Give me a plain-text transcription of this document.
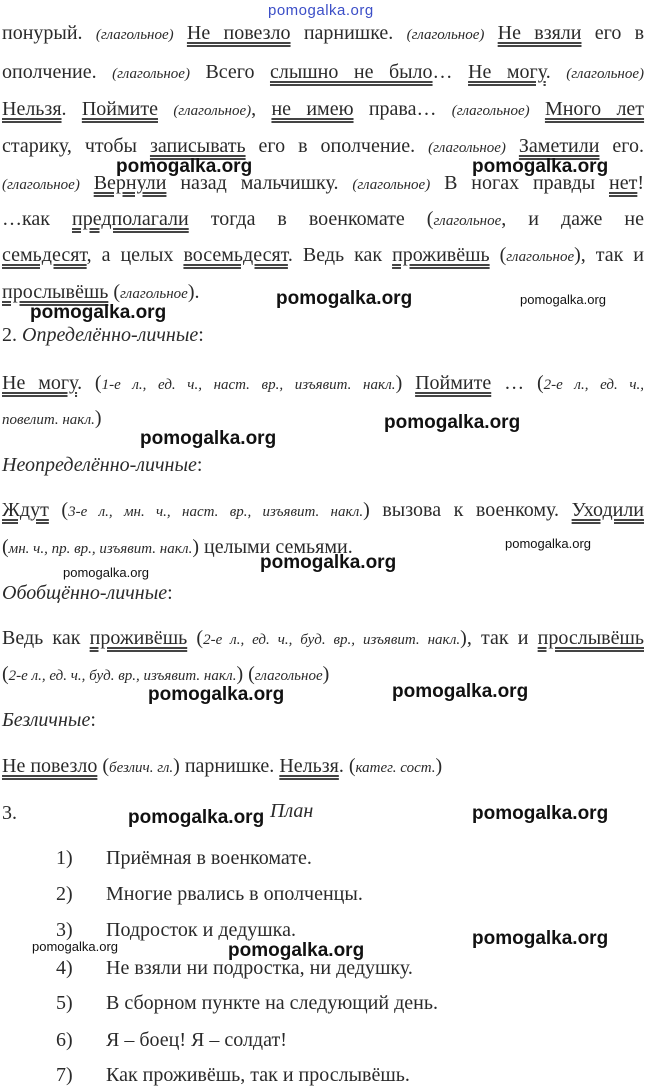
pomogalka.org
понурый. (глагольное) Не повезло парнишке. (глагольное) Не взяли его в
ополчение. (глагольное) Всего слышно не было… Не могу. (глагольное)
Нельзя. Поймите (глагольное), не имею права… (глагольное) Много лет
старику, чтобы записывать его в ополчение. (глагольное) Заметили его.
pomogalka.org	pomogalka.org
(глагольное) Вернули назад мальчишку. (глагольное) В ногах правды нет!
…как предполагали тогда в военкомате (глагольное, и даже не
семьдесят, а целых восемьдесят. Ведь как проживёшь (глагольное), так и
прослывёшь (глагольное).	pomogalka.org	pomogalka.org
pomogalka.org
2. Определённо-личные:
Не могу. (1-е л., ед. ч., наст. вр., изъявит. накл.) Поймите … (2-е л., ед. ч.,
повелит. накл.)	pomogalka.org
pomogalka.org
Неопределённо-личные:
Ждут (3-е л., мн. ч., наст. вр., изъявит. накл.) вызова к военкому. Уходили
(мн. ч., пр. вр., изъявит. накл.) целыми семьями.	pomogalka.org
pomogalka.org
pomogalka.org
Обобщённо-личные:
Ведь как проживёшь (2-е л., ед. ч., буд. вр., изъявит. накл.), так и прослывёшь
(2-е л., ед. ч., буд. вр., изъявит. накл.) (глагольное)
pomogalka.org
pomogalka.org
Безличные:
Не повезло (безлич. гл.) парнишке. Нельзя. (катег. сост.)
3.	pomogalka.org План	pomogalka.org
1) Приёмная в военкомате.
2) Многие рвались в ополченцы.
3) Подросток и дедушка.	pomogalka.org
pomogalka.org	pomogalka.org
4) Не взяли ни подростка, ни дедушку.
5) В сборном пункте на следующий день.
6) Я – боец! Я – солдат!
7) Как проживёшь, так и прослывёшь.
